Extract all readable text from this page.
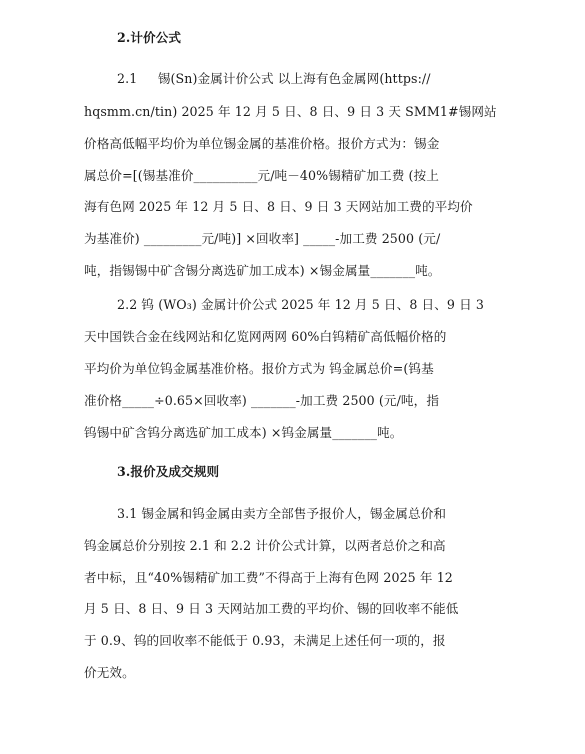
2.计价公式
2.1     锡(Sn)金属计价公式 以上海有色金属网(https://
hqsmm.cn/tin) 2025 年 12 月 5 日、8 日、9 日 3 天 SMM1#锡网站
价格高低幅平均价为单位锡金属的基准价格。报价方式为：锡金
属总价=[(锡基准价__________元/吨－40%锡精矿加工费 (按上
海有色网 2025 年 12 月 5 日、8 日、9 日 3 天网站加工费的平均价
为基准价) _________元/吨)] ×回收率] _____-加工费 2500 (元/
吨，指锡锡中矿含锡分离选矿加工成本) ×锡金属量_______吨。
2.2 钨 (WO₃) 金属计价公式 2025 年 12 月 5 日、8 日、9 日 3
天中国铁合金在线网站和亿览网两网 60%白钨精矿高低幅价格的
平均价为单位钨金属基准价格。报价方式为 钨金属总价=(钨基
准价格_____÷0.65×回收率) _______-加工费 2500 (元/吨，指
钨锡中矿含钨分离选矿加工成本) ×钨金属量_______吨。
3.报价及成交规则
3.1 锡金属和钨金属由卖方全部售予报价人，锡金属总价和
钨金属总价分别按 2.1 和 2.2 计价公式计算，以两者总价之和高
者中标，且“40%锡精矿加工费”不得高于上海有色网 2025 年 12
月 5 日、8 日、9 日 3 天网站加工费的平均价、锡的回收率不能低
于 0.9、钨的回收率不能低于 0.93，未满足上述任何一项的，报
价无效。
